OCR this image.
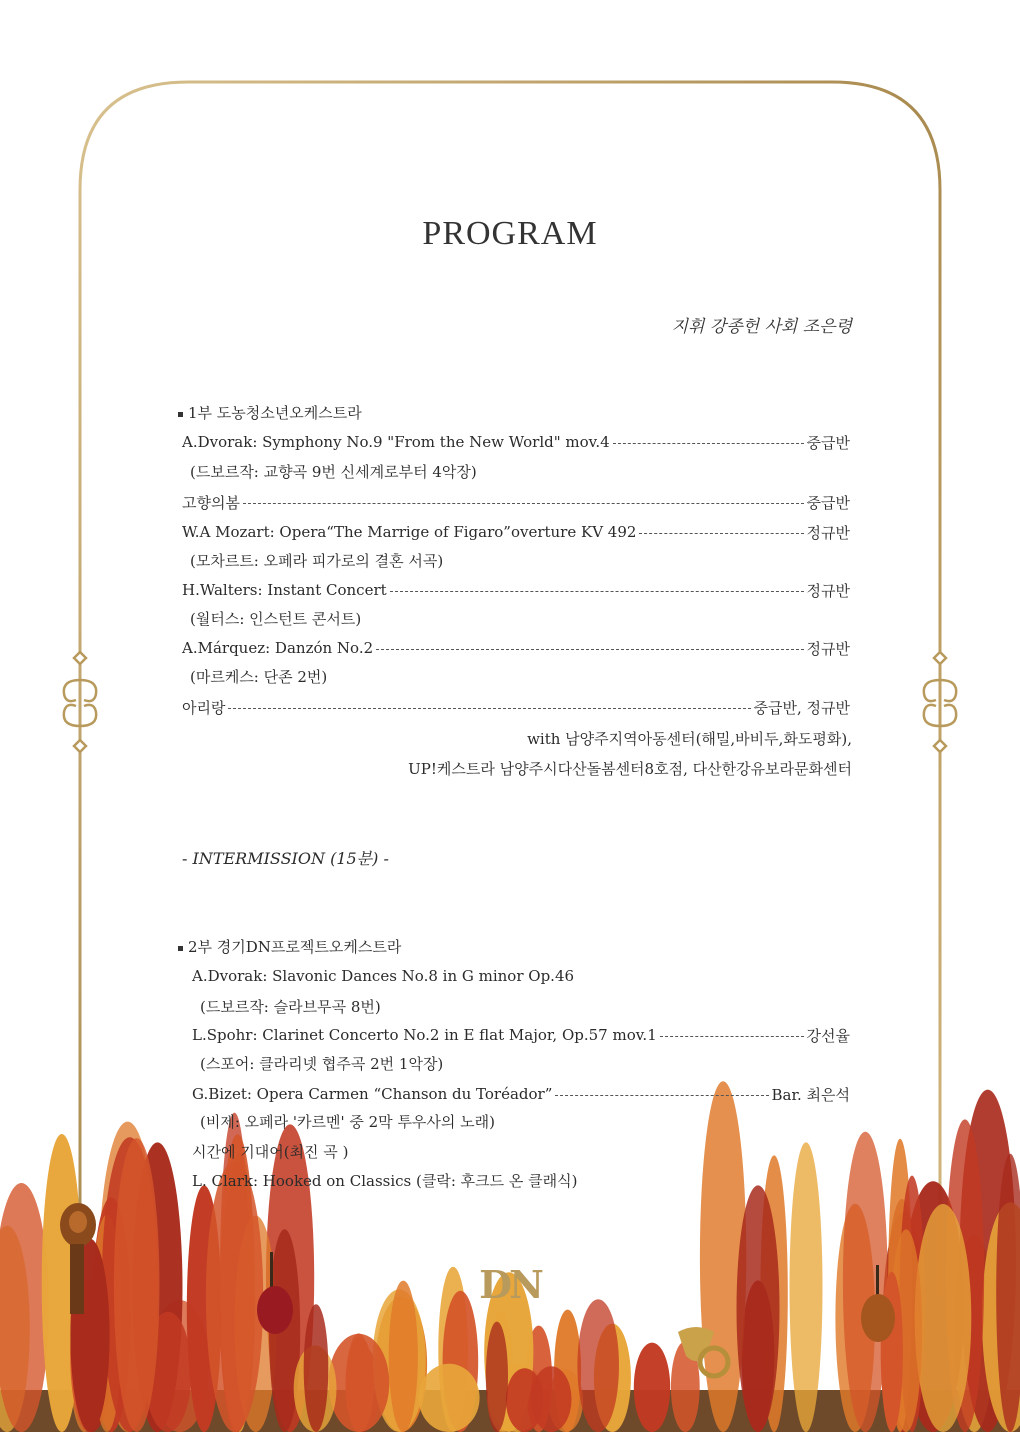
PROGRAM
지휘 강종헌 사회 조은령
1부 도농청소년오케스트라
A.Dvorak: Symphony No.9 "From the New World" mov.4	중급반
(드보르작: 교향곡 9번 신세계로부터 4악장)
고향의봄	중급반
W.A Mozart: Opera“The Marrige of Figaro”overture KV 492	정규반
(모차르트: 오페라 피가로의 결혼 서곡)
H.Walters: Instant Concert	정규반
(월터스: 인스턴트 콘서트)
A.Márquez: Danzón No.2	정규반
(마르케스: 단존 2번)
아리랑	중급반, 정규반
with 남양주지역아동센터(해밀,바비두,화도평화),
UP!케스트라 남양주시다산돌봄센터8호점, 다산한강유보라문화센터
- INTERMISSION (15분) -
2부 경기DN프로젝트오케스트라
A.Dvorak: Slavonic Dances No.8 in G minor Op.46
(드보르작: 슬라브무곡 8번)
L.Spohr: Clarinet Concerto No.2 in E flat Major, Op.57 mov.1	강선율
(스포어: 클라리넷 협주곡 2번 1악장)
G.Bizet: Opera Carmen “Chanson du Toréador”	Bar. 최은석
(비제: 오페라 '카르멘' 중 2막 투우사의 노래)
시간에 기대어(최진 곡 )
L. Clark: Hooked on Classics (클락: 후크드 온 클래식)
DN
